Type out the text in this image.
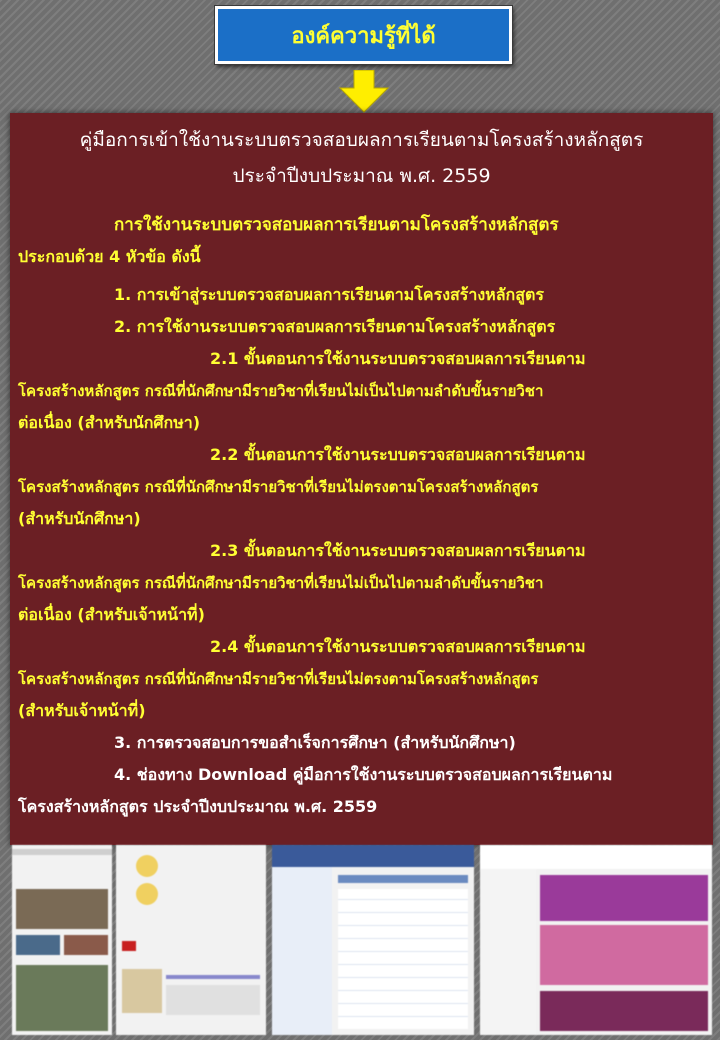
องค์ความรู้ที่ได้
คู่มือการเข้าใช้งานระบบตรวจสอบผลการเรียนตามโครงสร้างหลักสูตร
ประจำปีงบประมาณ พ.ศ. 2559
การใช้งานระบบตรวจสอบผลการเรียนตามโครงสร้างหลักสูตร
ประกอบด้วย 4 หัวข้อ ดังนี้
1. การเข้าสู่ระบบตรวจสอบผลการเรียนตามโครงสร้างหลักสูตร
2. การใช้งานระบบตรวจสอบผลการเรียนตามโครงสร้างหลักสูตร
2.1 ขั้นตอนการใช้งานระบบตรวจสอบผลการเรียนตาม
โครงสร้างหลักสูตร กรณีที่นักศึกษามีรายวิชาที่เรียนไม่เป็นไปตามลำดับขั้นรายวิชา
ต่อเนื่อง (สำหรับนักศึกษา)
2.2 ขั้นตอนการใช้งานระบบตรวจสอบผลการเรียนตาม
โครงสร้างหลักสูตร กรณีที่นักศึกษามีรายวิชาที่เรียนไม่ตรงตามโครงสร้างหลักสูตร
(สำหรับนักศึกษา)
2.3 ขั้นตอนการใช้งานระบบตรวจสอบผลการเรียนตาม
โครงสร้างหลักสูตร กรณีที่นักศึกษามีรายวิชาที่เรียนไม่เป็นไปตามลำดับขั้นรายวิชา
ต่อเนื่อง (สำหรับเจ้าหน้าที่)
2.4 ขั้นตอนการใช้งานระบบตรวจสอบผลการเรียนตาม
โครงสร้างหลักสูตร กรณีที่นักศึกษามีรายวิชาที่เรียนไม่ตรงตามโครงสร้างหลักสูตร
(สำหรับเจ้าหน้าที่)
3. การตรวจสอบการขอสำเร็จการศึกษา (สำหรับนักศึกษา)
4. ช่องทาง Download คู่มือการใช้งานระบบตรวจสอบผลการเรียนตาม
โครงสร้างหลักสูตร ประจำปีงบประมาณ พ.ศ. 2559
